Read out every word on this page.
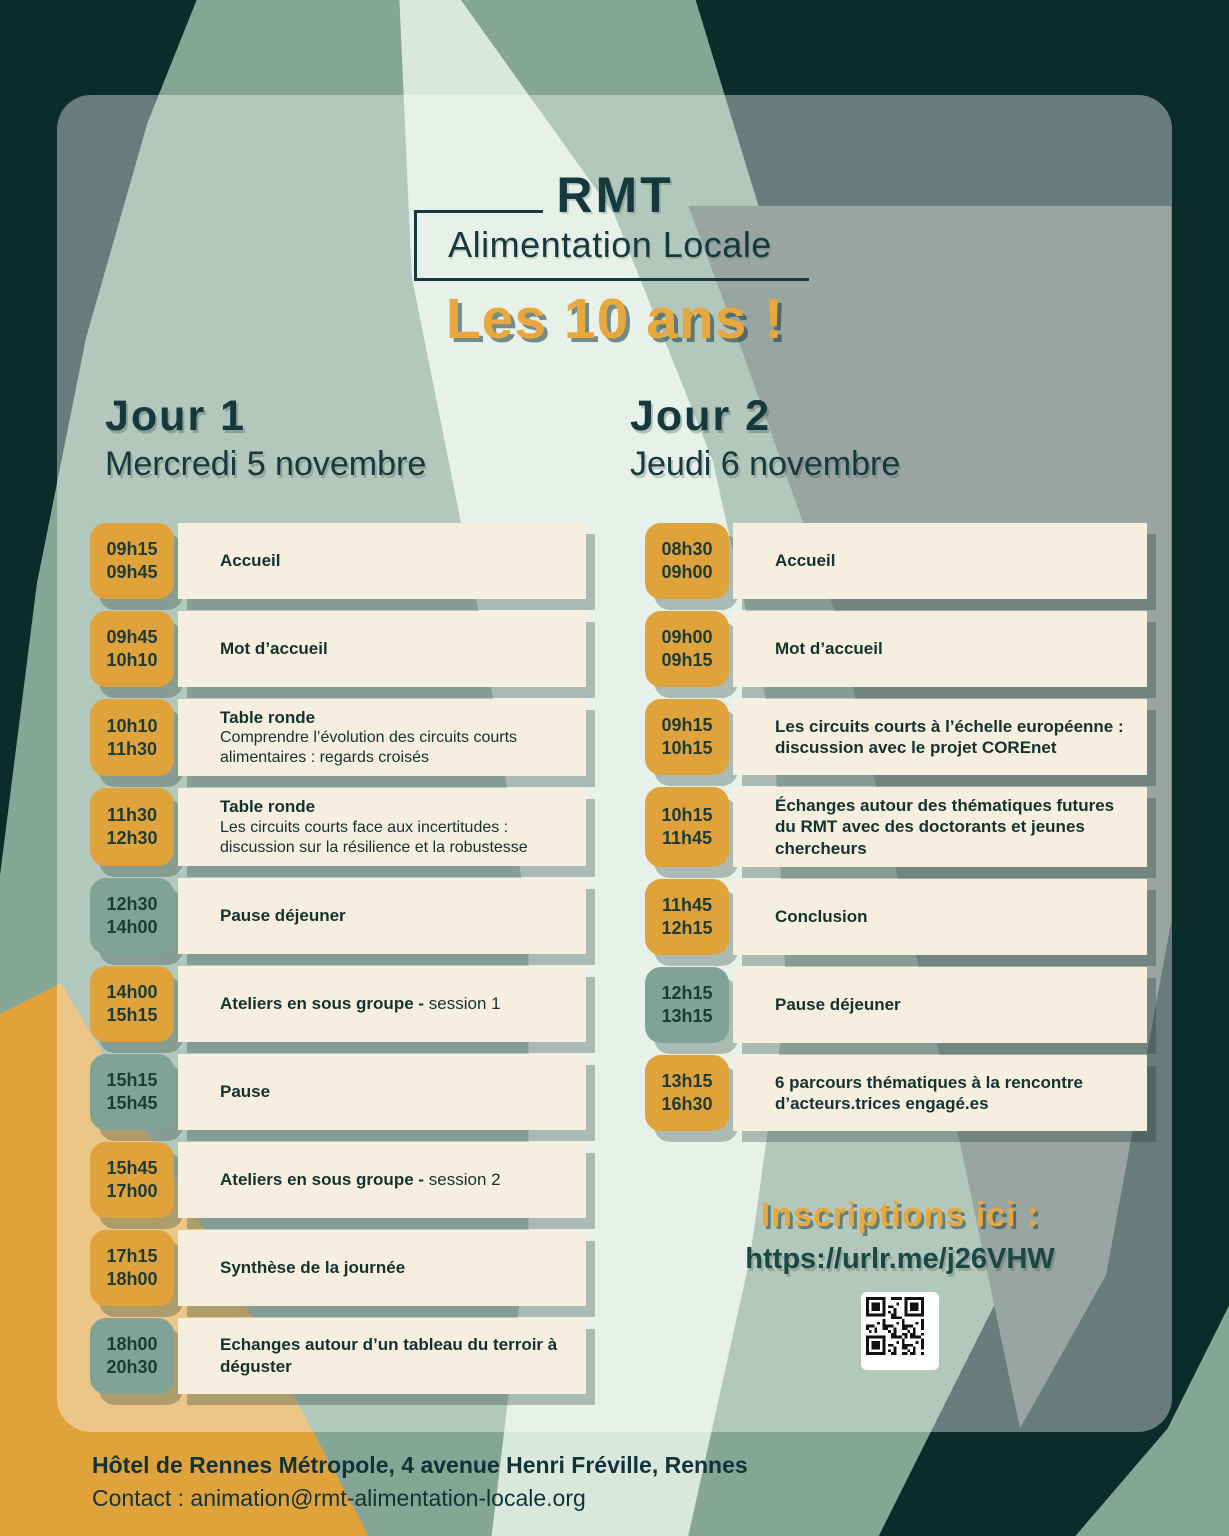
RMT
Alimentation Locale
Les 10 ans !
Jour 1
Mercredi 5 novembre
Jour 2
Jeudi 6 novembre
09h15
09h45
Accueil
09h45
10h10
Mot d’accueil
10h10
11h30
Table ronde
Comprendre l’évolution des circuits courts alimentaires : regards croisés
11h30
12h30
Table ronde
Les circuits courts face aux incertitudes : discussion sur la résilience et la robustesse
12h30
14h00
Pause déjeuner
14h00
15h15
Ateliers en sous groupe - session 1
15h15
15h45
Pause
15h45
17h00
Ateliers en sous groupe - session 2
17h15
18h00
Synthèse de la journée
18h00
20h30
Echanges autour d’un tableau du terroir à déguster
08h30
09h00
Accueil
09h00
09h15
Mot d’accueil
09h15
10h15
Les circuits courts à l’échelle européenne : discussion avec le projet COREnet
10h15
11h45
Échanges autour des thématiques futures du RMT avec des doctorants et jeunes chercheurs
11h45
12h15
Conclusion
12h15
13h15
Pause déjeuner
13h15
16h30
6 parcours thématiques à la rencontre d’acteurs.trices engagé.es
Inscriptions ici :
https://urlr.me/j26VHW
Hôtel de Rennes Métropole, 4 avenue Henri Fréville, Rennes
Contact : animation@rmt-alimentation-locale.org
